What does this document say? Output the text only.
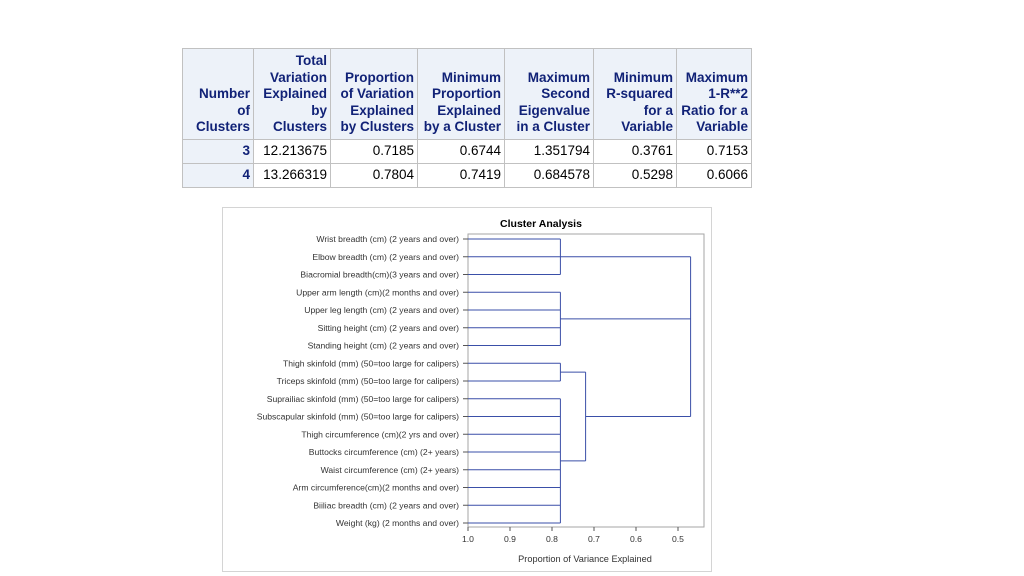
Number of Clusters	Total Variation Explained by Clusters	Proportion of Variation Explained by Clusters	Minimum Proportion Explained by a Cluster	Maximum Second Eigenvalue in a Cluster	Minimum R-squared for a Variable	Maximum 1-R**2 Ratio for a Variable
3	12.213675	0.7185	0.6744	1.351794	0.3761	0.7153
4	13.266319	0.7804	0.7419	0.684578	0.5298	0.6066
Cluster Analysis
Wrist breadth (cm) (2 years and over)
Elbow breadth (cm) (2 years and over)
Biacromial breadth(cm)(3 years and over)
Upper arm length (cm)(2 months and over)
Upper leg length (cm) (2 years and over)
Sitting height (cm) (2 years and over)
Standing height (cm) (2 years and over)
Thigh skinfold (mm) (50=too large for calipers)
Triceps skinfold (mm) (50=too large for calipers)
Suprailiac skinfold (mm) (50=too large for calipers)
Subscapular skinfold (mm) (50=too large for calipers)
Thigh circumference (cm)(2 yrs and over)
Buttocks circumference (cm) (2+ years)
Waist circumference (cm) (2+ years)
Arm circumference(cm)(2 months and over)
Biiliac breadth (cm) (2 years and over)
Weight (kg) (2 months and over)
1.0	0.9	0.8	0.7	0.6	0.5
Proportion of Variance Explained
